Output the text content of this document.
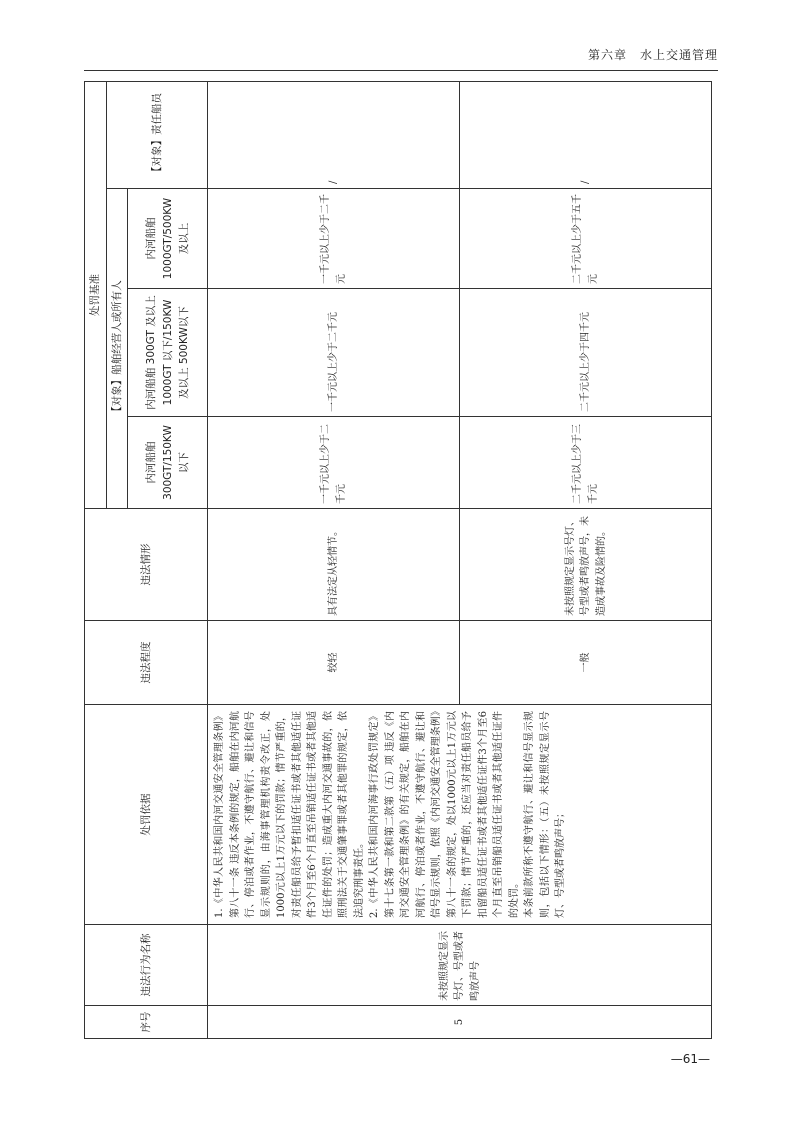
第六章　水上交通管理
序号	违法行为名称	处罚依据	违法程度	违法情形	处罚基准			
					【对象】船舶经营人或所有人			【对象】责任船员
					内河船舶300GT/150KW以下	内河船舶 300GT 及以上 1000GT 以下/150KW 及以上 500KW以下	内河船舶1000GT/500KW及以上	
5	未按照规定显示号灯、号型或者鸣放声号	1.《中华人民共和国内河交通安全管理条例》第八十一条 违反本条例的规定，船舶在内河航行、停泊或者作业，不遵守航行、避让和信号显示规则的，由海事管理机构责令改正，处1000元以上1万元以下的罚款；情节严重的，对责任船员给予暂扣适任证书或者其他适任证件3个月至6个月直至吊销适任证书或者其他适任证件的处罚；造成重大内河交通事故的，依照刑法关于交通肇事罪或者其他罪的规定，依法追究刑事责任。 2.《中华人民共和国内河海事行政处罚规定》第十七条第一款和第二款第（五）项 违反《内河交通安全管理条例》的有关规定，船舶在内河航行、停泊或者作业，不遵守航行、避让和信号显示规则，依照《内河交通安全管理条例》第八十一条的规定，处以1000元以上1万元以下罚款；情节严重的，还应当对责任船员给予扣留船员适任证书或者其他适任证件3个月至6个月直至吊销船员适任证书或者其他适任证件的处罚。 本条前款所称不遵守航行、避让和信号显示规则，包括以下情形：（五）未按照规定显示号灯、号型或者鸣放声号；	较轻	具有法定从轻情节。	一千元以上少于二千元	一千元以上少于二千元	一千元以上少于二千元	/
			一般	未按照规定显示号灯、号型或者鸣放声号，未造成事故及险情的。	二千元以上少于三千元	二千元以上少于四千元	二千元以上少于五千元	/
—61—
